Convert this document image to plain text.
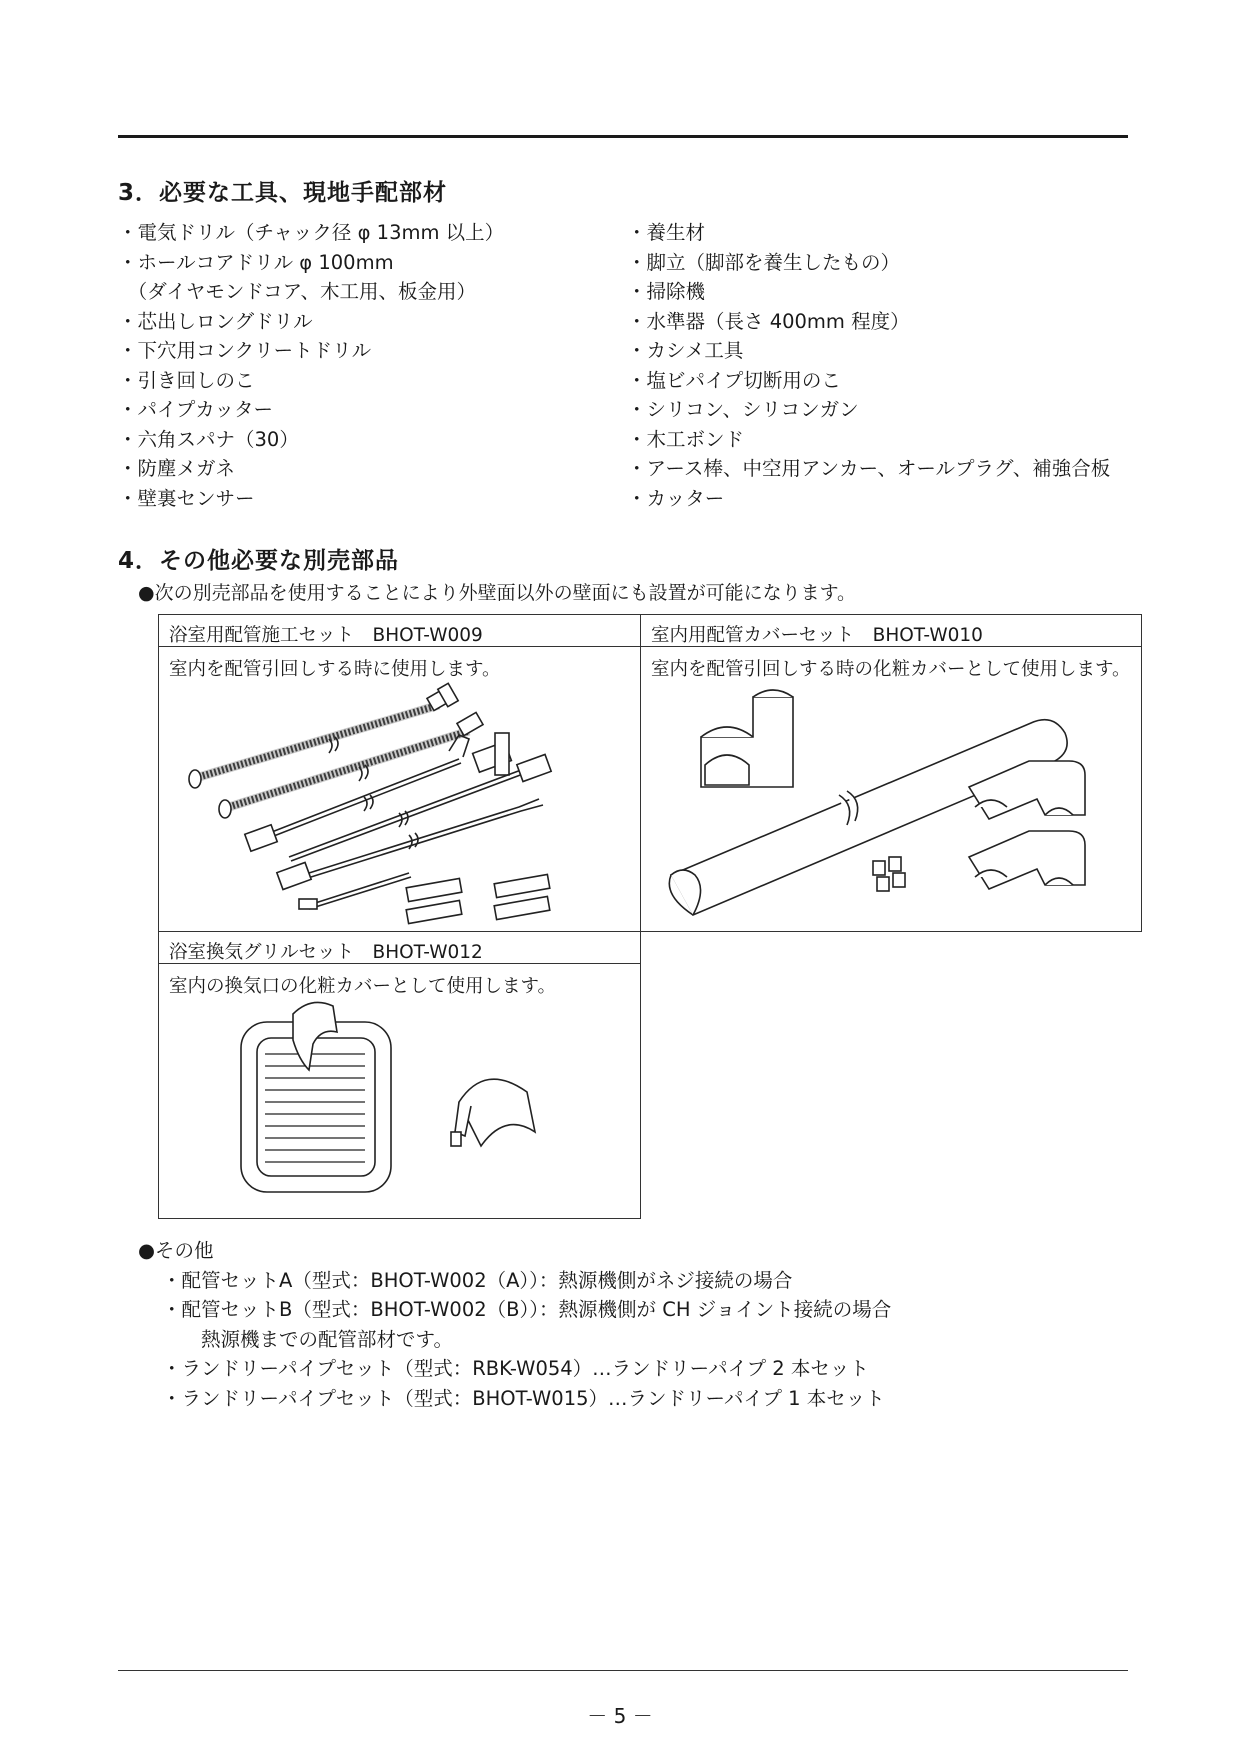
3．必要な工具、現地手配部材
・電気ドリル（チャック径 φ 13mm 以上）
・ホールコアドリル φ 100mm
　（ダイヤモンドコア、木工用、板金用）
・芯出しロングドリル
・下穴用コンクリートドリル
・引き回しのこ
・パイプカッター
・六角スパナ（30）
・防塵メガネ
・壁裏センサー
・養生材
・脚立（脚部を養生したもの）
・掃除機
・水準器（長さ 400mm 程度）
・カシメ工具
・塩ビパイプ切断用のこ
・シリコン、シリコンガン
・木工ボンド
・アース棒、中空用アンカー、オールプラグ、補強合板
・カッター
4．その他必要な別売部品
●次の別売部品を使用することにより外壁面以外の壁面にも設置が可能になります。
浴室用配管施工セット　BHOT-W009	室内用配管カバーセット　BHOT-W010

室内を配管引回しする時に使用します。	室内を配管引回しする時の化粧カバーとして使用します。

浴室換気グリルセット　BHOT-W012	

室内の換気口の化粧カバーとして使用します。	

●その他
・配管セットA（型式：BHOT-W002（A））：熱源機側がネジ接続の場合
・配管セットB（型式：BHOT-W002（B））：熱源機側が CH ジョイント接続の場合
　　熱源機までの配管部材です。
・ランドリーパイプセット（型式：RBK-W054）…ランドリーパイプ 2 本セット
・ランドリーパイプセット（型式：BHOT-W015）…ランドリーパイプ 1 本セット
－ 5 －
